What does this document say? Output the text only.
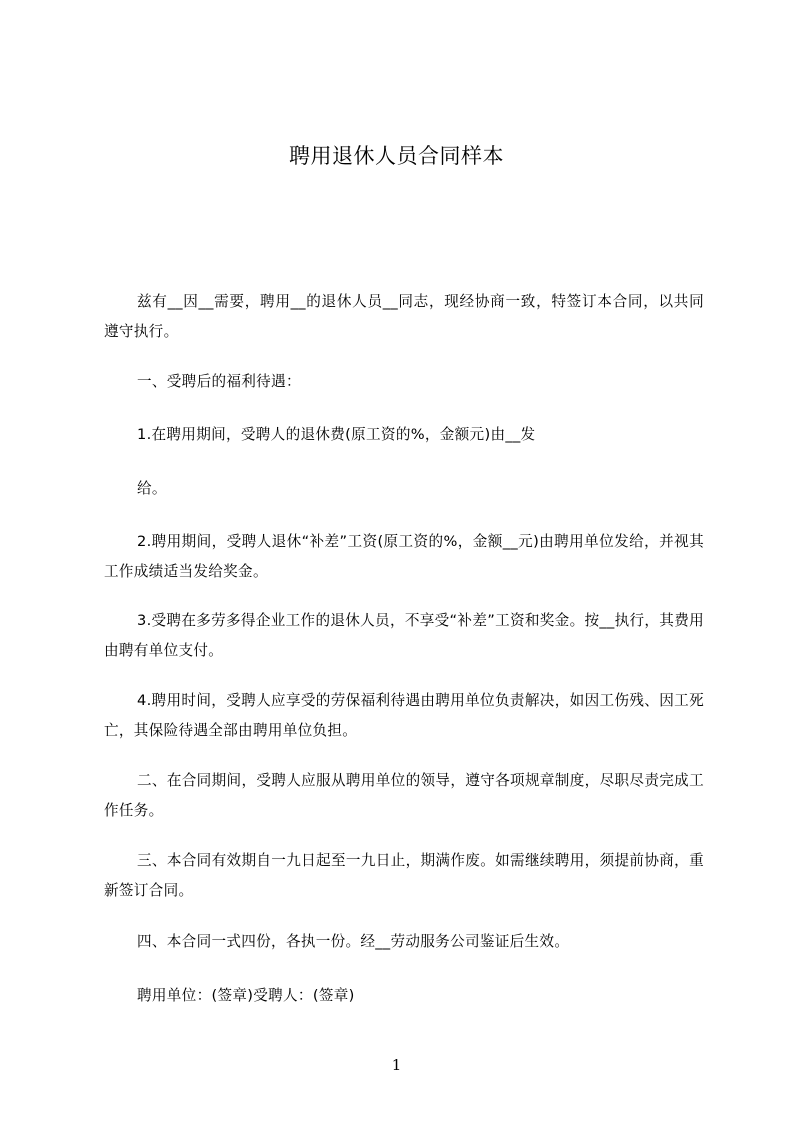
聘用退休人员合同样本
兹有__因__需要，聘用__的退休人员__同志，现经协商一致，特签订本合同，以共同遵守执行。
一、受聘后的福利待遇：
1.在聘用期间，受聘人的退休费(原工资的%，金额元)由__发
给。
2.聘用期间，受聘人退休“补差”工资(原工资的%，金额__元)由聘用单位发给，并视其工作成绩适当发给奖金。
3.受聘在多劳多得企业工作的退休人员，不享受“补差”工资和奖金。按__执行，其费用由聘有单位支付。
4.聘用时间，受聘人应享受的劳保福利待遇由聘用单位负责解决，如因工伤残、因工死亡，其保险待遇全部由聘用单位负担。
二、在合同期间，受聘人应服从聘用单位的领导，遵守各项规章制度，尽职尽责完成工作任务。
三、本合同有效期自一九日起至一九日止，期满作废。如需继续聘用，须提前协商，重新签订合同。
四、本合同一式四份，各执一份。经__劳动服务公司鉴证后生效。
聘用单位：(签章)受聘人：(签章)
1
